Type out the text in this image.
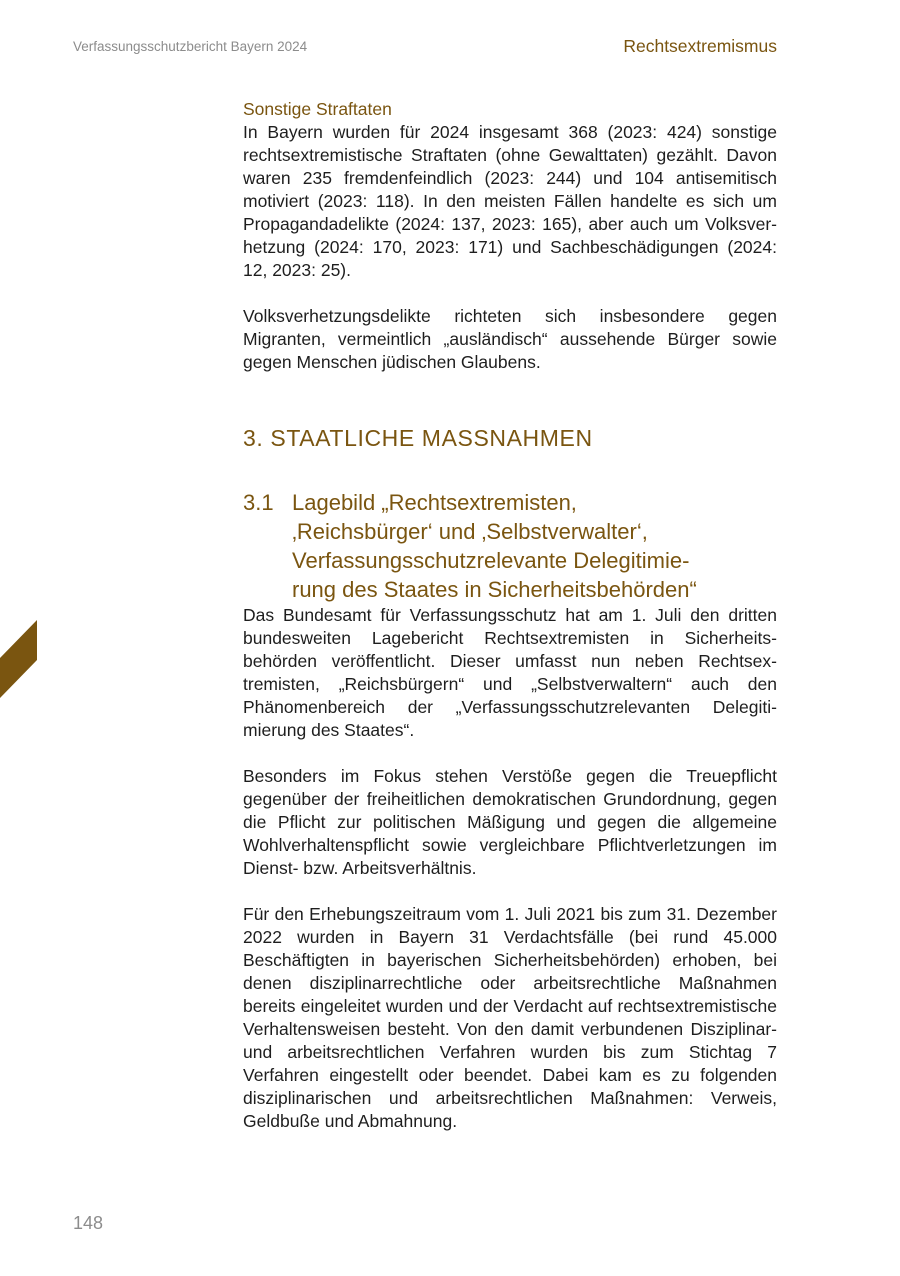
Verfassungsschutzbericht Bayern 2024	Rechtsextremismus
Sonstige Straftaten

In Bayern wurden für 2024 insgesamt 368 (2023: 424) sonstige rechtsextremistische Straftaten (ohne Gewalttaten) gezählt. Davon waren 235 fremdenfeindlich (2023: 244) und 104 antisemitisch motiviert (2023: 118). In den meisten Fällen handelte es sich um Propagandadelikte (2024: 137, 2023: 165), aber auch um Volksverhetzung (2024: 170, 2023: 171) und Sachbeschädigungen (2024: 12, 2023: 25).

Volksverhetzungsdelikte richteten sich insbesondere gegen Migranten, vermeintlich „ausländisch“ aussehende Bürger sowie gegen Menschen jüdischen Glaubens.

3. STAATLICHE MASSNAHMEN
3.1 Lagebild „Rechtsextremisten,
‚Reichsbürger‘ und ‚Selbstverwalter‘,
Verfassungsschutzrelevante Delegitimie-
rung des Staates in Sicherheitsbehörden“

Das Bundesamt für Verfassungsschutz hat am 1. Juli den dritten bundesweiten Lagebericht Rechtsextremisten in Sicherheitsbehörden veröffentlicht. Dieser umfasst nun neben Rechtsextremisten, „Reichsbürgern“ und „Selbstverwaltern“ auch den Phänomenbereich der „Verfassungsschutzrelevanten Delegitimierung des Staates“.

Besonders im Fokus stehen Verstöße gegen die Treuepflicht gegenüber der freiheitlichen demokratischen Grundordnung, gegen die Pflicht zur politischen Mäßigung und gegen die allgemeine Wohlverhaltenspflicht sowie vergleichbare Pflichtverletzungen im Dienst- bzw. Arbeitsverhältnis.

Für den Erhebungszeitraum vom 1. Juli 2021 bis zum 31. Dezember 2022 wurden in Bayern 31 Verdachtsfälle (bei rund 45.000 Beschäftigten in bayerischen Sicherheitsbehörden) erhoben, bei denen disziplinarrechtliche oder arbeitsrechtliche Maßnahmen bereits eingeleitet wurden und der Verdacht auf rechtsextremistische Verhaltensweisen besteht. Von den damit verbundenen Disziplinar- und arbeitsrechtlichen Verfahren wurden bis zum Stichtag 7 Verfahren eingestellt oder beendet. Dabei kam es zu folgenden disziplinarischen und arbeitsrechtlichen Maßnahmen: Verweis, Geldbuße und Abmahnung.

148
